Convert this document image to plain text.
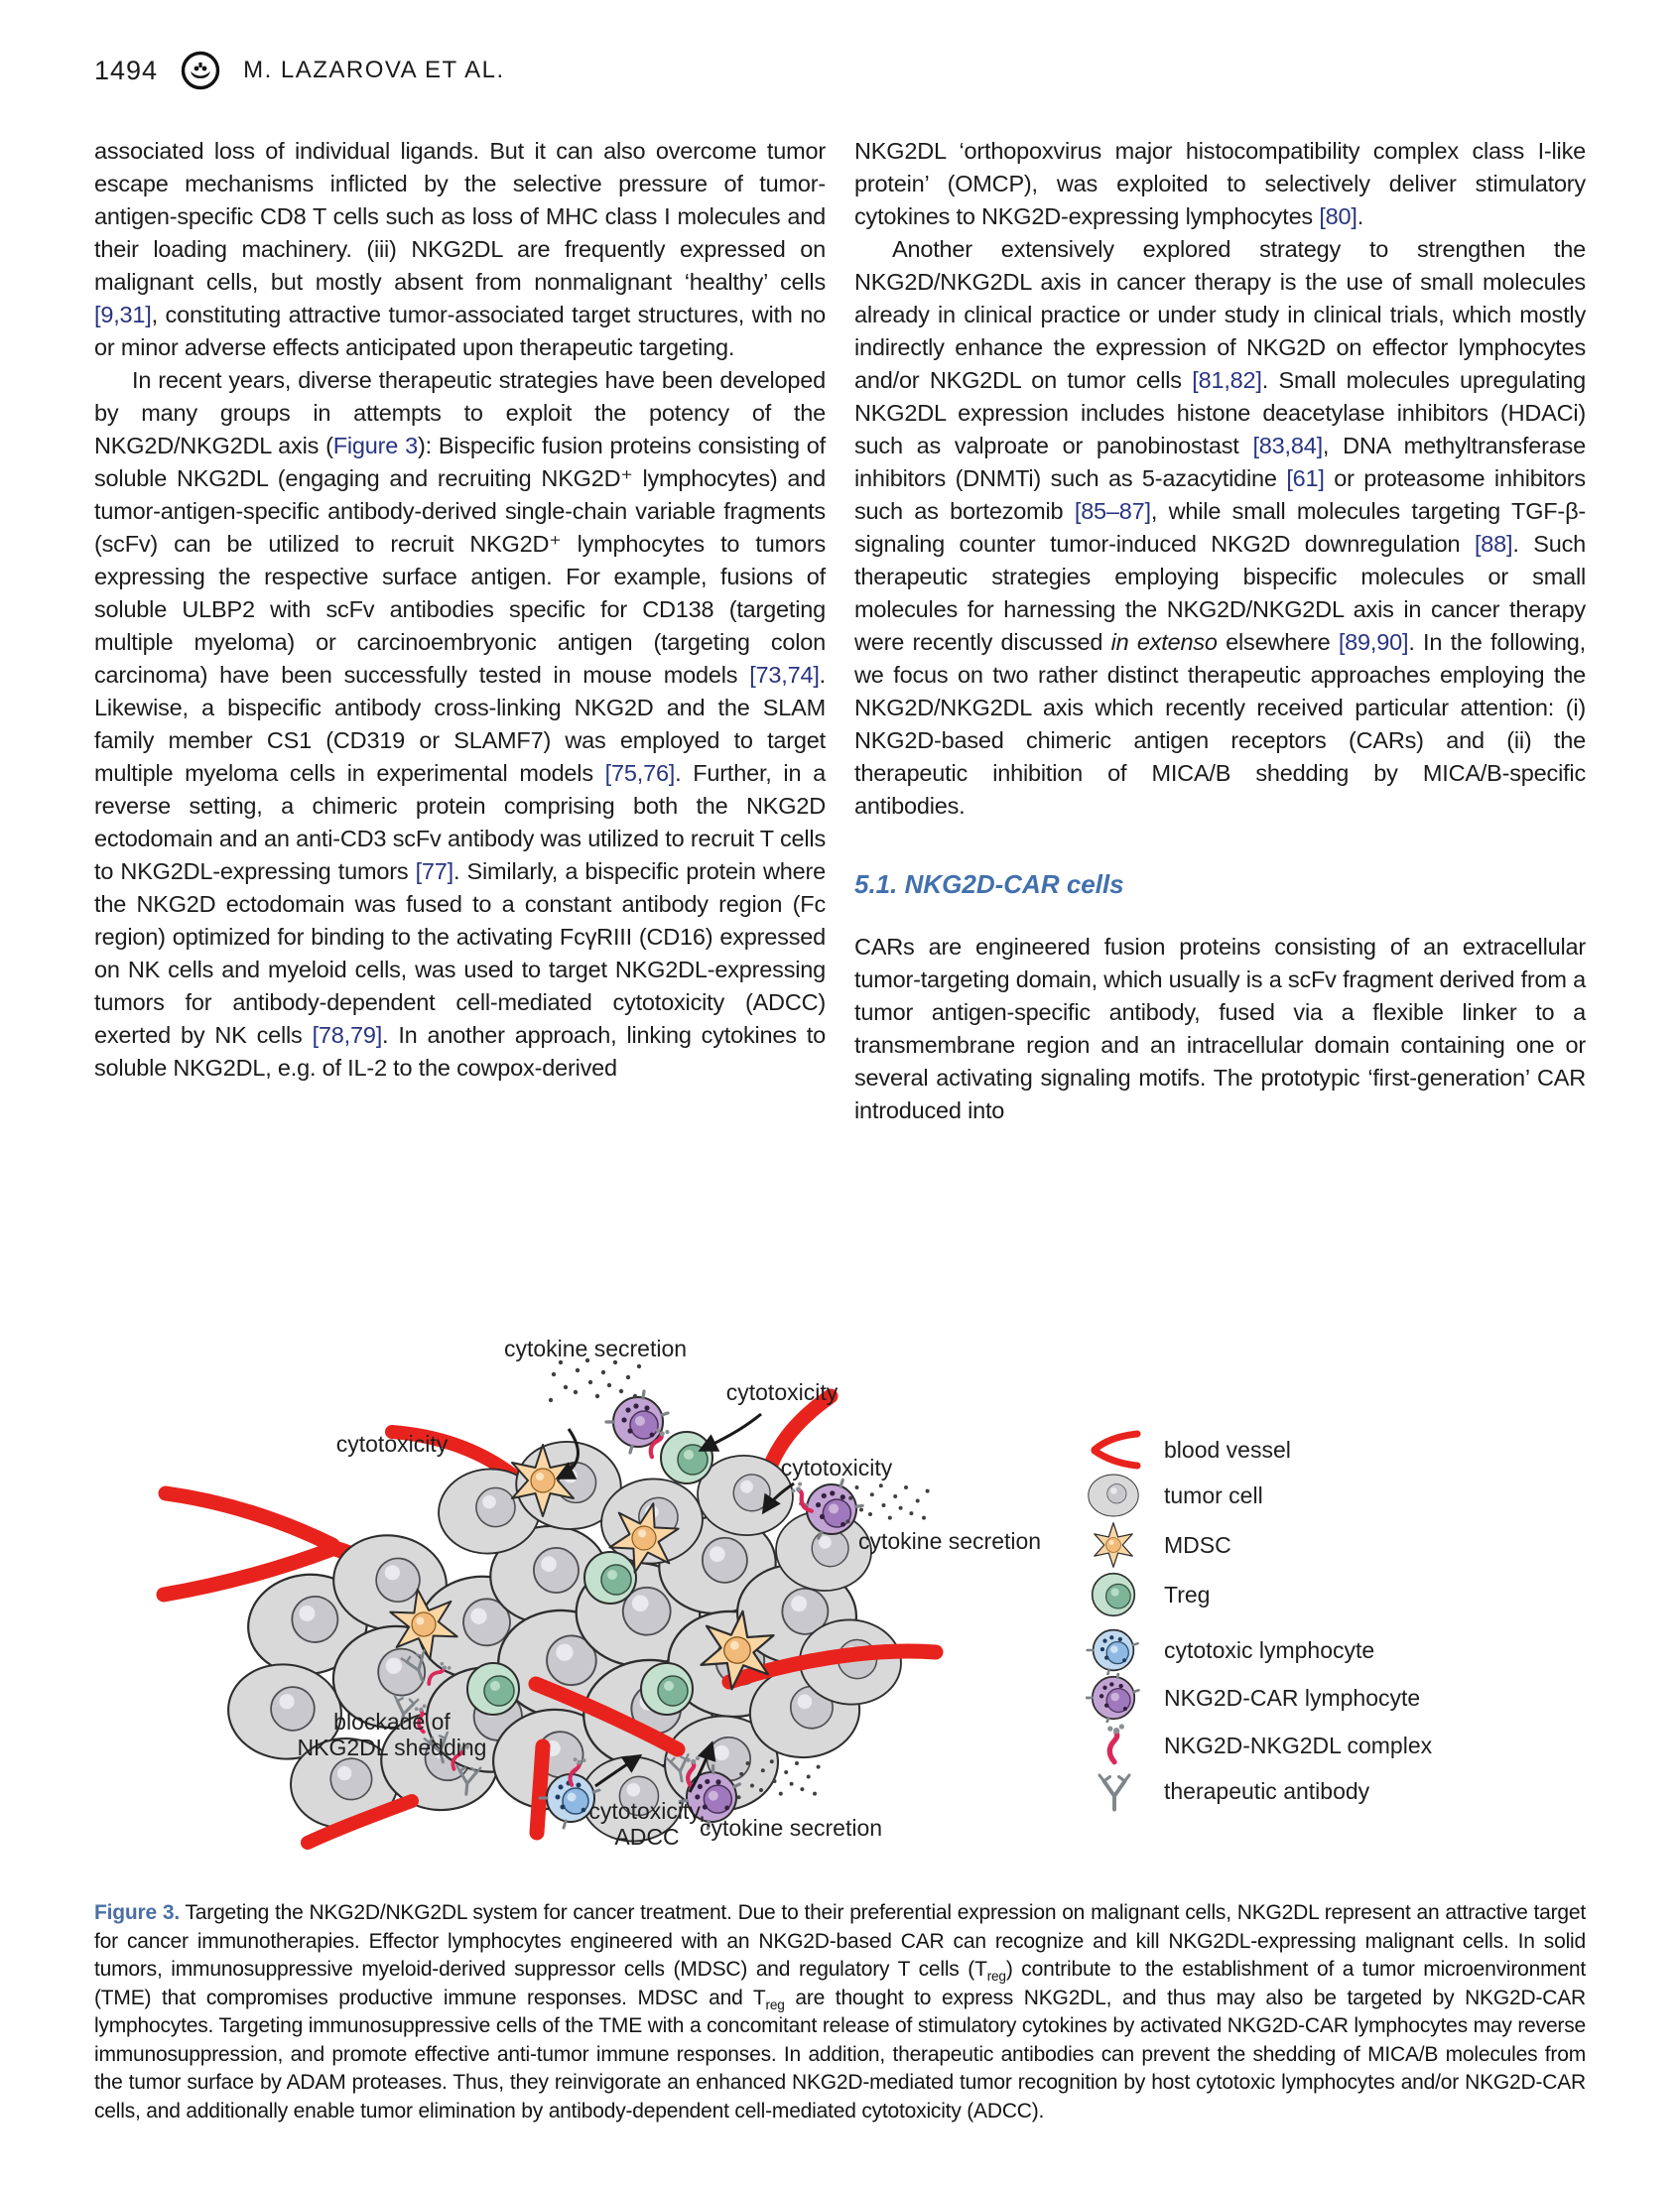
1494	M. LAZAROVA ET AL.

associated loss of individual ligands. But it can also overcome tumor escape mechanisms inflicted by the selective pressure of tumor-antigen-specific CD8 T cells such as loss of MHC class I molecules and their loading machinery. (iii) NKG2DL are frequently expressed on malignant cells, but mostly absent from nonmalignant ‘healthy’ cells [9,31], constituting attractive tumor-associated target structures, with no or minor adverse effects anticipated upon therapeutic targeting.

In recent years, diverse therapeutic strategies have been developed by many groups in attempts to exploit the potency of the NKG2D/NKG2DL axis (Figure 3): Bispecific fusion proteins consisting of soluble NKG2DL (engaging and recruiting NKG2D⁺ lymphocytes) and tumor-antigen-specific antibody-derived single-chain variable fragments (scFv) can be utilized to recruit NKG2D⁺ lymphocytes to tumors expressing the respective surface antigen. For example, fusions of soluble ULBP2 with scFv antibodies specific for CD138 (targeting multiple myeloma) or carcinoembryonic antigen (targeting colon carcinoma) have been successfully tested in mouse models [73,74]. Likewise, a bispecific antibody cross-linking NKG2D and the SLAM family member CS1 (CD319 or SLAMF7) was employed to target multiple myeloma cells in experimental models [75,76]. Further, in a reverse setting, a chimeric protein comprising both the NKG2D ectodomain and an anti-CD3 scFv antibody was utilized to recruit T cells to NKG2DL-expressing tumors [77]. Similarly, a bispecific protein where the NKG2D ectodomain was fused to a constant antibody region (Fc region) optimized for binding to the activating FcγRIII (CD16) expressed on NK cells and myeloid cells, was used to target NKG2DL-expressing tumors for antibody-dependent cell-mediated cytotoxicity (ADCC) exerted by NK cells [78,79]. In another approach, linking cytokines to soluble NKG2DL, e.g. of IL-2 to the cowpox-derived

NKG2DL ‘orthopoxvirus major histocompatibility complex class I-like protein’ (OMCP), was exploited to selectively deliver stimulatory cytokines to NKG2D-expressing lymphocytes [80].

Another extensively explored strategy to strengthen the NKG2D/NKG2DL axis in cancer therapy is the use of small molecules already in clinical practice or under study in clinical trials, which mostly indirectly enhance the expression of NKG2D on effector lymphocytes and/or NKG2DL on tumor cells [81,82]. Small molecules upregulating NKG2DL expression includes histone deacetylase inhibitors (HDACi) such as valproate or panobinostast [83,84], DNA methyltransferase inhibitors (DNMTi) such as 5-azacytidine [61] or proteasome inhibitors such as bortezomib [85–87], while small molecules targeting TGF-β-signaling counter tumor-induced NKG2D downregulation [88]. Such therapeutic strategies employing bispecific molecules or small molecules for harnessing the NKG2D/NKG2DL axis in cancer therapy were recently discussed in extenso elsewhere [89,90]. In the following, we focus on two rather distinct therapeutic approaches employing the NKG2D/NKG2DL axis which recently received particular attention: (i) NKG2D-based chimeric antigen receptors (CARs) and (ii) the therapeutic inhibition of MICA/B shedding by MICA/B-specific antibodies.

5.1. NKG2D-CAR cells

CARs are engineered fusion proteins consisting of an extracellular tumor-targeting domain, which usually is a scFv fragment derived from a tumor antigen-specific antibody, fused via a flexible linker to a transmembrane region and an intracellular domain containing one or several activating signaling motifs. The prototypic ‘first-generation’ CAR introduced into

cytokine secretion
cytotoxicity
cytotoxicity
cytotoxicity
cytokine secretion
blockade of
NKG2DL shedding
cytotoxicity,
ADCC cytokine secretion
blood vessel
tumor cell
MDSC
Treg
cytotoxic lymphocyte
NKG2D-CAR lymphocyte
NKG2D-NKG2DL complex
therapeutic antibody

Figure 3. Targeting the NKG2D/NKG2DL system for cancer treatment. Due to their preferential expression on malignant cells, NKG2DL represent an attractive target for cancer immunotherapies. Effector lymphocytes engineered with an NKG2D-based CAR can recognize and kill NKG2DL-expressing malignant cells. In solid tumors, immunosuppressive myeloid-derived suppressor cells (MDSC) and regulatory T cells $(T_{reg})$ contribute to the establishment of a tumor microenvironment (TME) that compromises productive immune responses. MDSC and $T_{reg}$ are thought to express NKG2DL, and thus may also be targeted by NKG2D-CAR lymphocytes. Targeting immunosuppressive cells of the TME with a concomitant release of stimulatory cytokines by activated NKG2D-CAR lymphocytes may reverse immunosuppression, and promote effective anti-tumor immune responses. In addition, therapeutic antibodies can prevent the shedding of MICA/B molecules from the tumor surface by ADAM proteases. Thus, they reinvigorate an enhanced NKG2D-mediated tumor recognition by host cytotoxic lymphocytes and/or NKG2D-CAR cells, and additionally enable tumor elimination by antibody-dependent cell-mediated cytotoxicity (ADCC).
